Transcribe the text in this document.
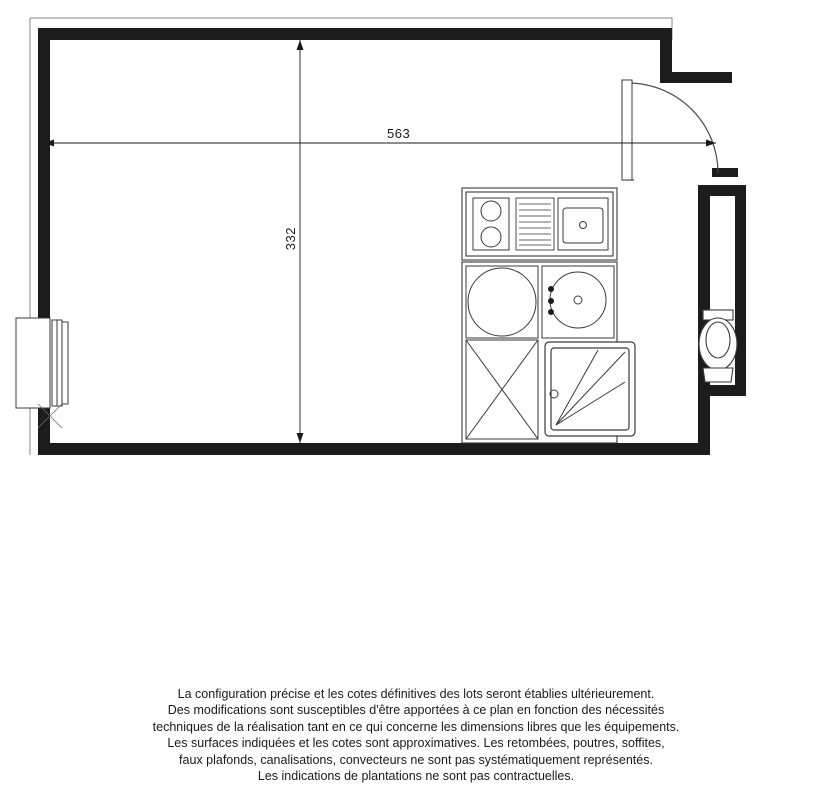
563
332
La configuration précise et les cotes définitives des lots seront établies ultérieurement.
Des modifications sont susceptibles d'être apportées à ce plan en fonction des nécessités
techniques de la réalisation tant en ce qui concerne les dimensions libres que les équipements.
Les surfaces indiquées et les cotes sont approximatives. Les retombées, poutres, soffites,
faux plafonds, canalisations, convecteurs ne sont pas systématiquement représentés.
Les indications de plantations ne sont pas contractuelles.
